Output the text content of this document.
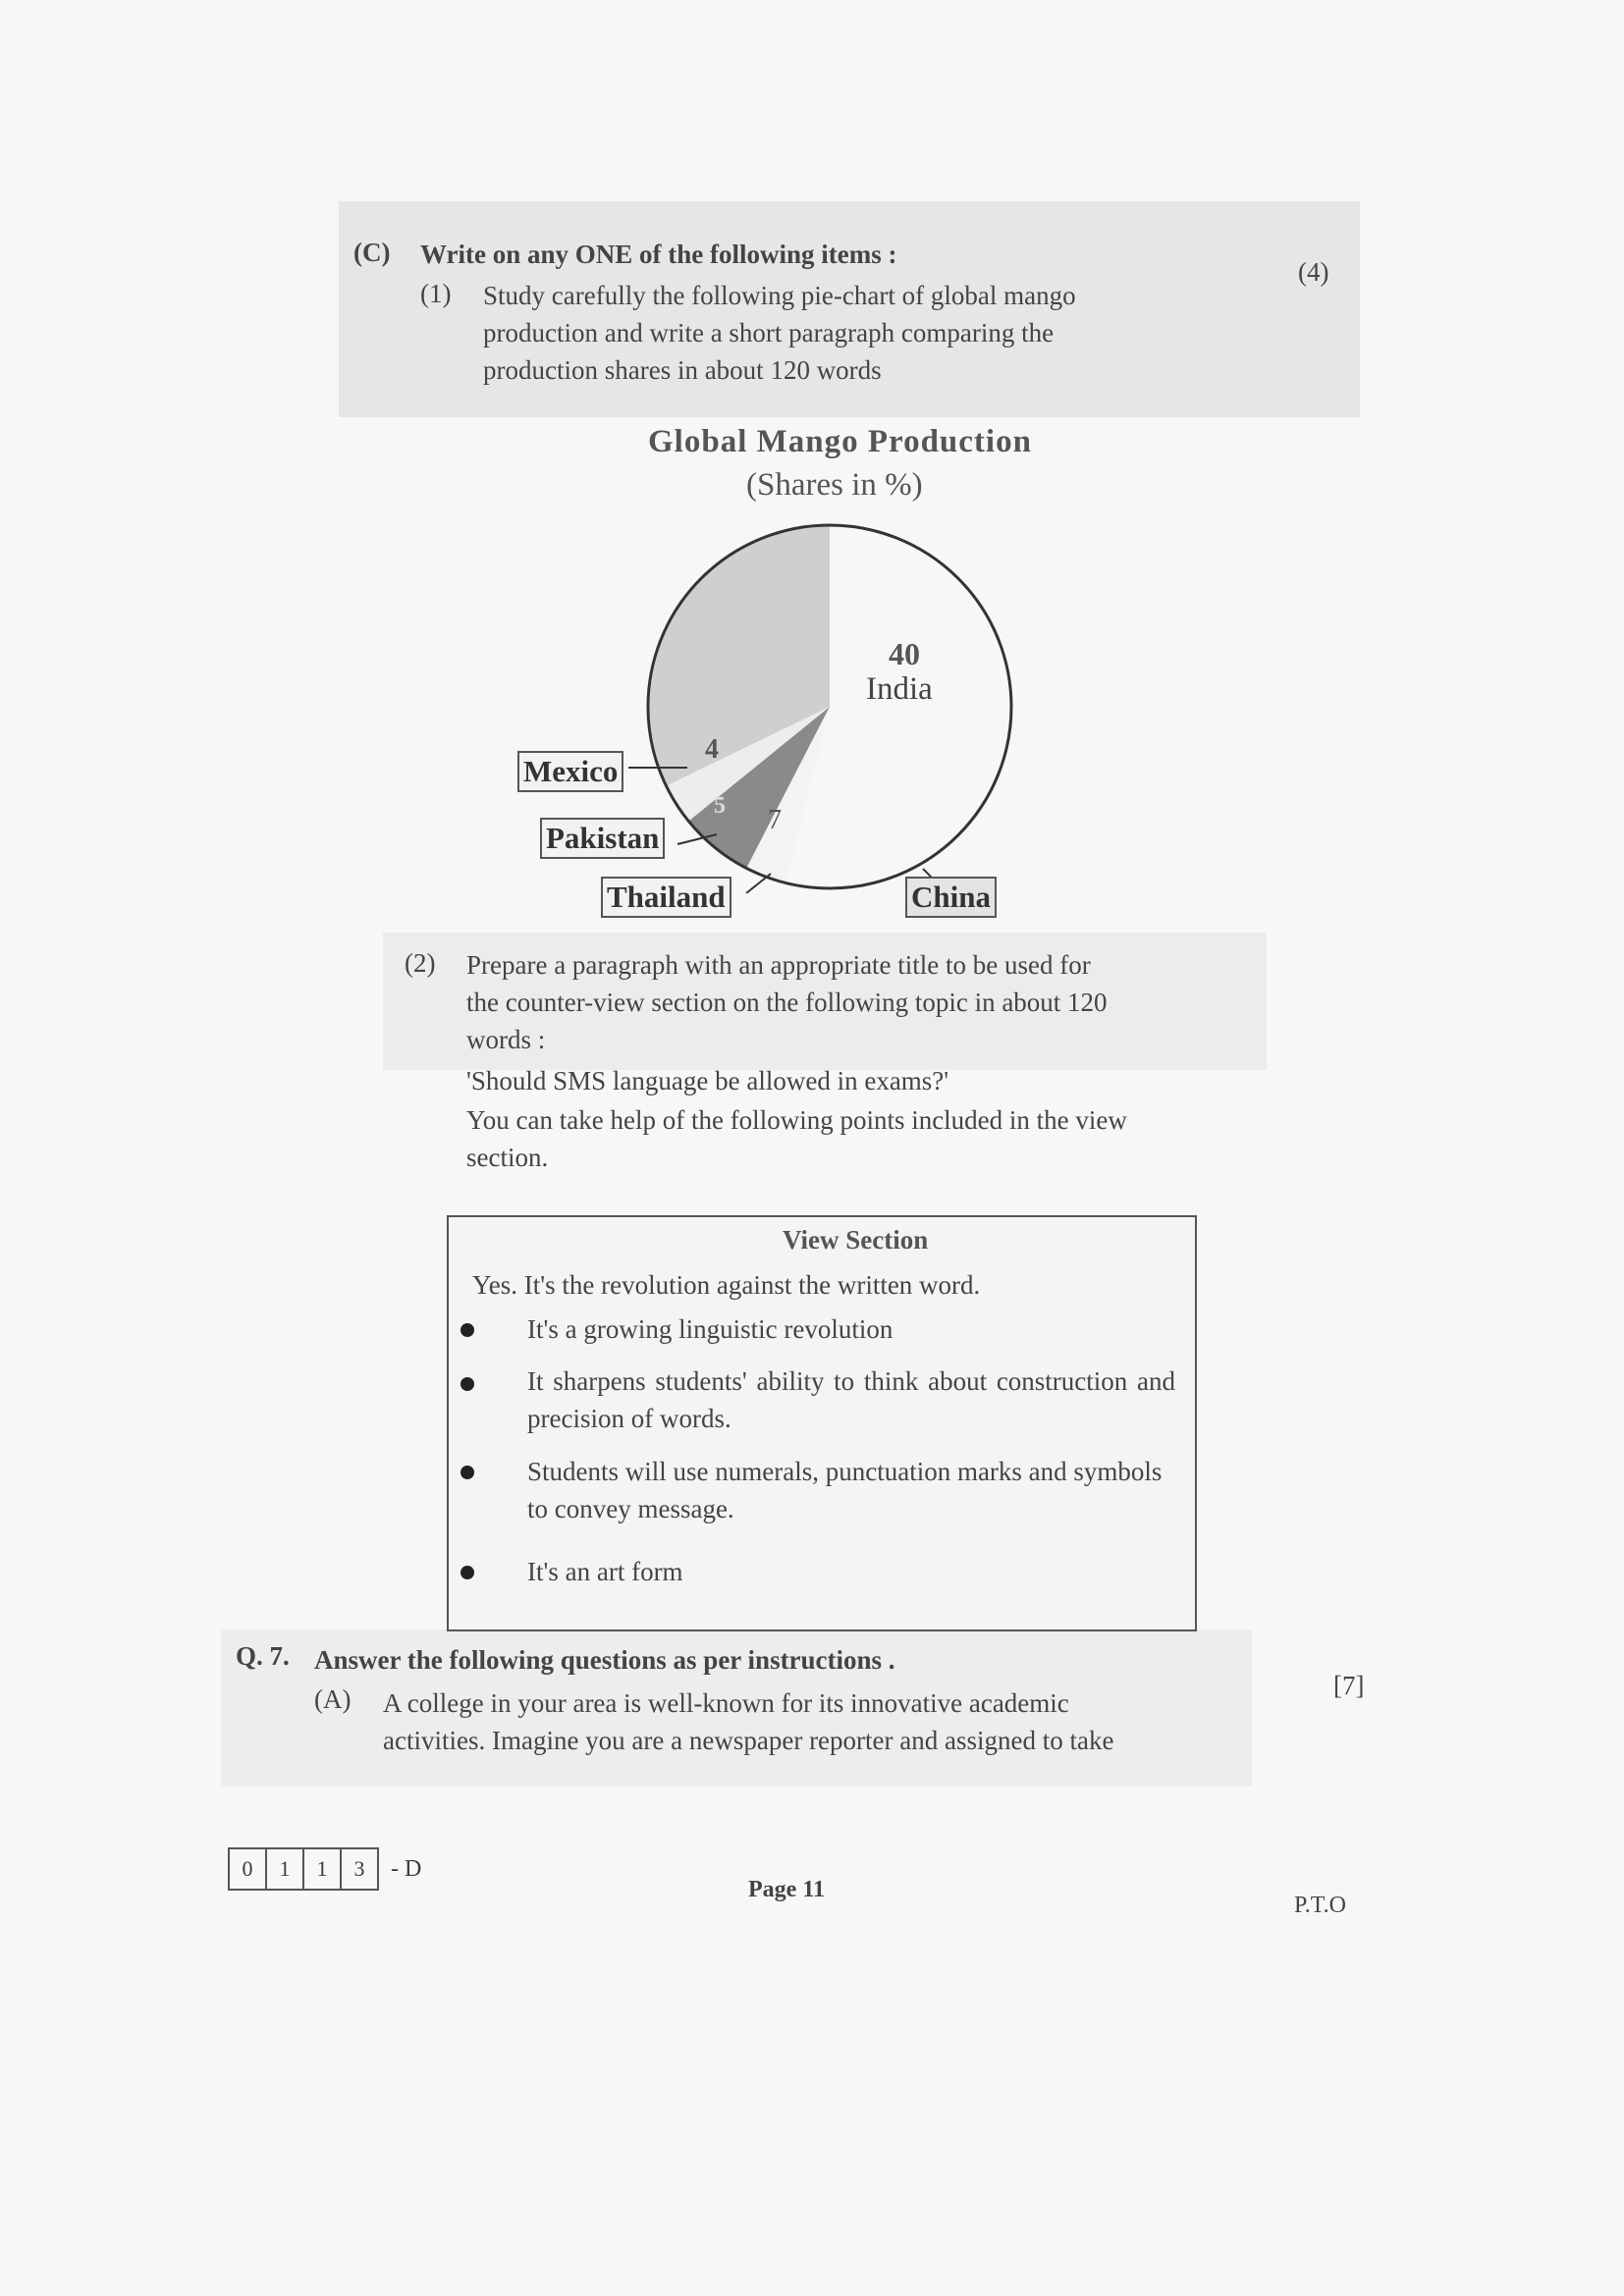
(C) Write on any ONE of the following items :
(4)
(1) Study carefully the following pie-chart of global mango
production and write a short paragraph comparing the
production shares in about 120 words
Global Mango Production
(Shares in %)
40
India
4
5 7
Mexico
Pakistan
Thailand	China
(2) Prepare a paragraph with an appropriate title to be used for
the counter-view section on the following topic in about 120
words :
'Should SMS language be allowed in exams?'
You can take help of the following points included in the view
section.
View Section
Yes. It's the revolution against the written word.
It's a growing linguistic revolution
It sharpens students' ability to think about construction and precision of words.
Students will use numerals, punctuation marks and symbols to convey message.
It's an art form
Q. 7. Answer the following questions as per instructions .
[7]
(A) A college in your area is well-known for its innovative academic
activities. Imagine you are a newspaper reporter and assigned to take
0	1	1	3	- D
Page 11
P.T.O
